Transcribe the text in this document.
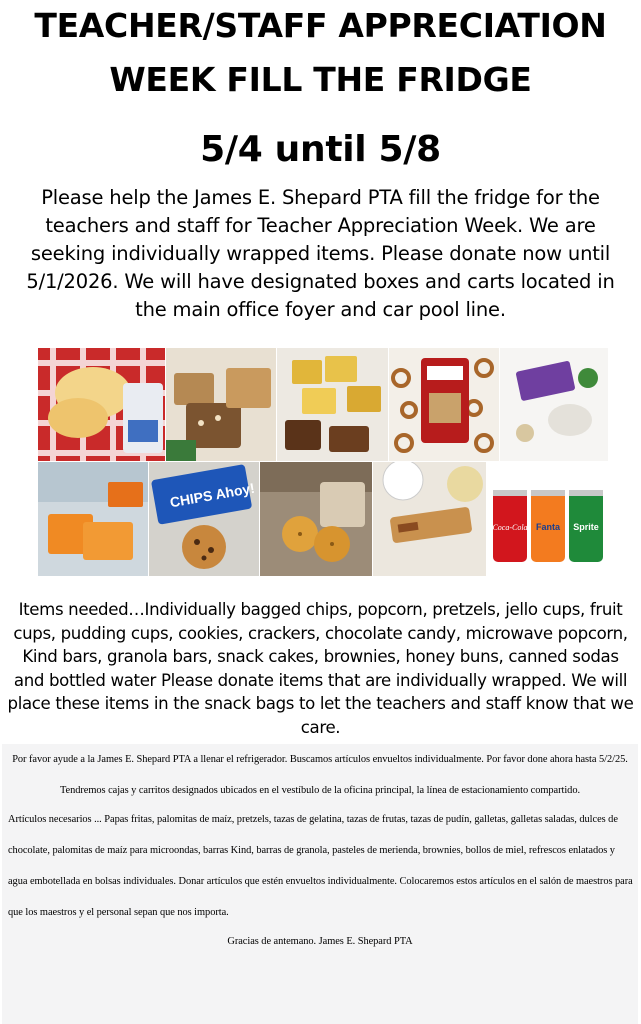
TEACHER/STAFF APPRECIATION
WEEK FILL THE FRIDGE
5/4 until 5/8
Please help the James E. Shepard PTA fill the fridge for the teachers and staff for Teacher Appreciation Week. We are seeking individually wrapped items. Please donate now until 5/1/2026. We will have designated boxes and carts located in the main office foyer and car pool line.
CHIPS Ahoy!
Coca-Cola Fanta Sprite
Items needed…Individually bagged chips, popcorn, pretzels, jello cups, fruit cups, pudding cups, cookies, crackers, chocolate candy, microwave popcorn, Kind bars, granola bars, snack cakes, brownies, honey buns, canned sodas and bottled water Please donate items that are individually wrapped. We will place these items in the snack bags to let the teachers and staff know that we care.
Por favor ayude a la James E. Shepard PTA a llenar el refrigerador. Buscamos artículos envueltos individualmente. Por favor done ahora hasta 5/2/25. Tendremos cajas y carritos designados ubicados en el vestíbulo de la oficina principal, la línea de estacionamiento compartido.
Artículos necesarios ... Papas fritas, palomitas de maíz, pretzels, tazas de gelatina, tazas de frutas, tazas de pudín, galletas, galletas saladas, dulces de chocolate, palomitas de maíz para microondas, barras Kind, barras de granola, pasteles de merienda, brownies, bollos de miel, refrescos enlatados y agua embotellada en bolsas individuales. Donar artículos que estén envueltos individualmente. Colocaremos estos artículos en el salón de maestros para que los maestros y el personal sepan que nos importa.
Gracias de antemano. James E. Shepard PTA
